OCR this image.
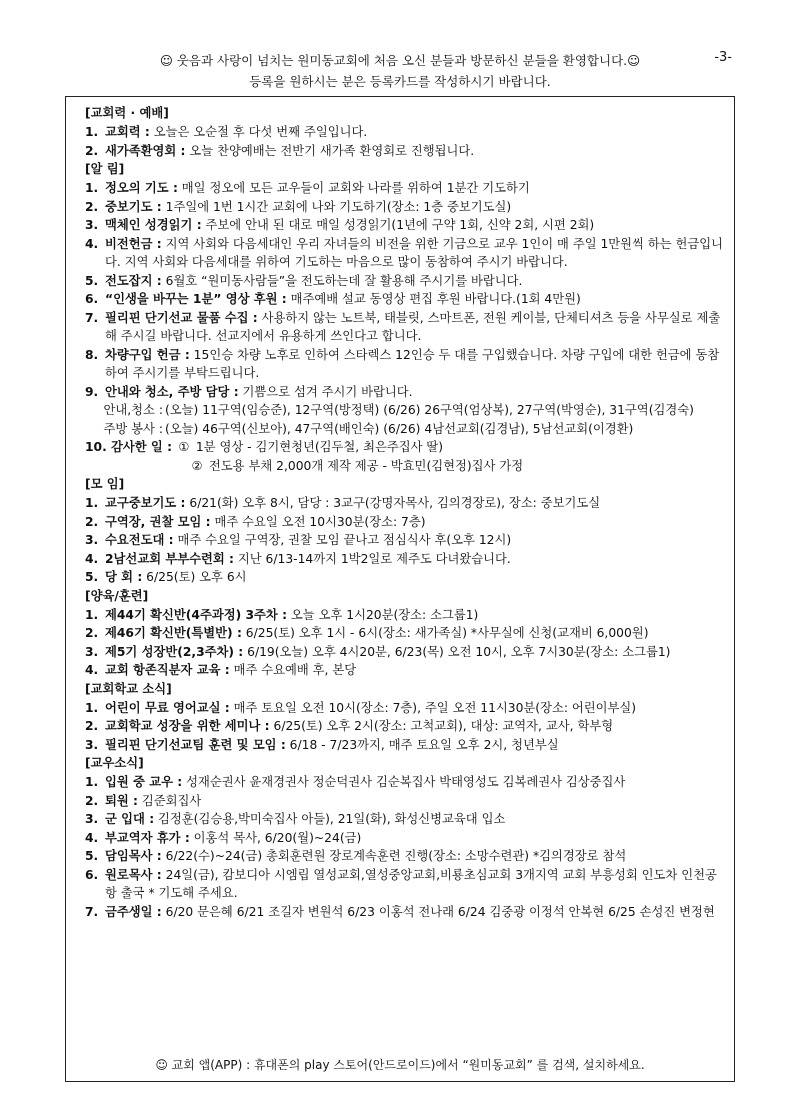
☺ 웃음과 사랑이 넘치는 원미동교회에 처음 오신 분들과 방문하신 분들을 환영합니다.☺
등록을 원하시는 분은 등록카드를 작성하시기 바랍니다.
-3-
[교회력 · 예배]
1. 교회력 : 오늘은 오순절 후 다섯 번째 주일입니다.
2. 새가족환영회 : 오늘 찬양예배는 전반기 새가족 환영회로 진행됩니다.
[알 림]
1. 정오의 기도 : 매일 정오에 모든 교우들이 교회와 나라를 위하여 1분간 기도하기
2. 중보기도 : 1주일에 1번 1시간 교회에 나와 기도하기(장소: 1층 중보기도실)
3. 맥체인 성경읽기 : 주보에 안내 된 대로 매일 성경읽기(1년에 구약 1회, 신약 2회, 시편 2회)
4. 비전헌금 : 지역 사회와 다음세대인 우리 자녀들의 비전을 위한 기금으로 교우 1인이 매 주일 1만원씩 하는 헌금입니다. 지역 사회와 다음세대를 위하여 기도하는 마음으로 많이 동참하여 주시기 바랍니다.
5. 전도잡지 : 6월호 “원미동사람들”을 전도하는데 잘 활용해 주시기를 바랍니다.
6. “인생을 바꾸는 1분” 영상 후원 : 매주예배 설교 동영상 편집 후원 바랍니다.(1회 4만원)
7. 필리핀 단기선교 물품 수집 : 사용하지 않는 노트북, 태블릿, 스마트폰, 전원 케이블, 단체티셔츠 등을 사무실로 제출해 주시길 바랍니다. 선교지에서 유용하게 쓰인다고 합니다.
8. 차량구입 헌금 : 15인승 차량 노후로 인하여 스타렉스 12인승 두 대를 구입했습니다. 차량 구입에 대한 헌금에 동참하여 주시기를 부탁드립니다.
9. 안내와 청소, 주방 담당 : 기쁨으로 섬겨 주시기 바랍니다.
안내,청소 : (오늘) 11구역(임승준), 12구역(방정택) (6/26) 26구역(엄상복), 27구역(박영순), 31구역(김경숙)
주방 봉사 : (오늘) 46구역(신보아), 47구역(배인숙) (6/26) 4남선교회(김경남), 5남선교회(이경환)
10. 감사한 일 : ① 1분 영상 - 김기현청년(김두철, 최은주집사 딸)
② 전도용 부채 2,000개 제작 제공 - 박효민(김현정)집사 가정
[모 임]
1. 교구중보기도 : 6/21(화) 오후 8시, 담당 : 3교구(강명자목사, 김의경장로), 장소: 중보기도실
2. 구역장, 권찰 모임 : 매주 수요일 오전 10시30분(장소: 7층)
3. 수요전도대 : 매주 수요일 구역장, 권찰 모임 끝나고 점심식사 후(오후 12시)
4. 2남선교회 부부수련회 : 지난 6/13-14까지 1박2일로 제주도 다녀왔습니다.
5. 당 회 : 6/25(토) 오후 6시
[양육/훈련]
1. 제44기 확신반(4주과정) 3주차 : 오늘 오후 1시20분(장소: 소그룹1)
2. 제46기 확신반(특별반) : 6/25(토) 오후 1시 - 6시(장소: 새가족실) *사무실에 신청(교재비 6,000원)
3. 제5기 성장반(2,3주차) : 6/19(오늘) 오후 4시20분, 6/23(목) 오전 10시, 오후 7시30분(장소: 소그룹1)
4. 교회 항존직분자 교육 : 매주 수요예배 후, 본당
[교회학교 소식]
1. 어린이 무료 영어교실 : 매주 토요일 오전 10시(장소: 7층), 주일 오전 11시30분(장소: 어린이부실)
2. 교회학교 성장을 위한 세미나 : 6/25(토) 오후 2시(장소: 고척교회), 대상: 교역자, 교사, 학부형
3. 필리핀 단기선교팀 훈련 및 모임 : 6/18 - 7/23까지, 매주 토요일 오후 2시, 청년부실
[교우소식]
1. 입원 중 교우 : 성재순권사 윤재경권사 정순덕권사 김순복집사 박태영성도 김복례권사 김상중집사
2. 퇴원 : 김준회집사
3. 군 입대 : 김정훈(김승용,박미숙집사 아들), 21일(화), 화성신병교육대 입소
4. 부교역자 휴가 : 이홍석 목사, 6/20(월)~24(금)
5. 담임목사 : 6/22(수)~24(금) 총회훈련원 장로계속훈련 진행(장소: 소망수련관) *김의경장로 참석
6. 원로목사 : 24일(금), 캄보디아 시엠립 열성교회,열성중앙교회,비룡초심교회 3개지역 교회 부흥성회 인도차 인천공항 출국 * 기도해 주세요.
7. 금주생일 : 6/20 문은혜 6/21 조길자 변원석 6/23 이홍석 전나래 6/24 김중광 이정석 안복현 6/25 손성진 변정현
☺ 교회 앱(APP) : 휴대폰의 play 스토어(안드로이드)에서 “원미동교회” 를 검색, 설치하세요.
